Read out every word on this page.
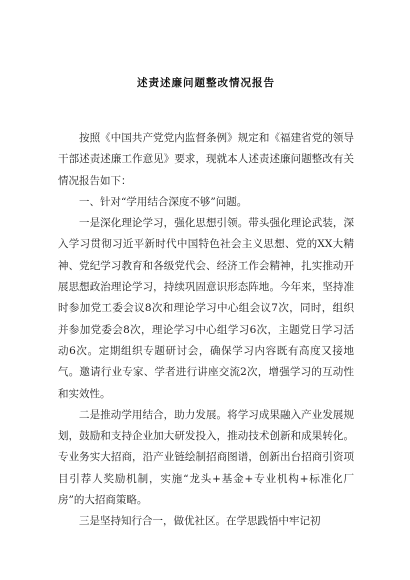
述责述廉问题整改情况报告

按照《中国共产党党内监督条例》规定和《福建省党的领导干部述责述廉工作意见》要求，现就本人述责述廉问题整改有关情况报告如下：

一、针对“学用结合深度不够”问题。

一是深化理论学习，强化思想引领。带头强化理论武装，深入学习贯彻习近平新时代中国特色社会主义思想、党的XX大精神、党纪学习教育和各级党代会、经济工作会精神，扎实推动开展思想政治理论学习，持续巩固意识形态阵地。今年来，坚持准时参加党工委会议8次和理论学习中心组会议7次，同时，组织并参加党委会8次，理论学习中心组学习6次，主题党日学习活动6次。定期组织专题研讨会，确保学习内容既有高度又接地气。邀请行业专家、学者进行讲座交流2次，增强学习的互动性和实效性。

二是推动学用结合，助力发展。将学习成果融入产业发展规划，鼓励和支持企业加大研发投入，推动技术创新和成果转化。专业务实大招商，沿产业链绘制招商图谱，创新出台招商引资项目引荐人奖励机制，实施“龙头+基金+专业机构+标准化厂房”的大招商策略。

三是坚持知行合一，做优社区。在学思践悟中牢记初
